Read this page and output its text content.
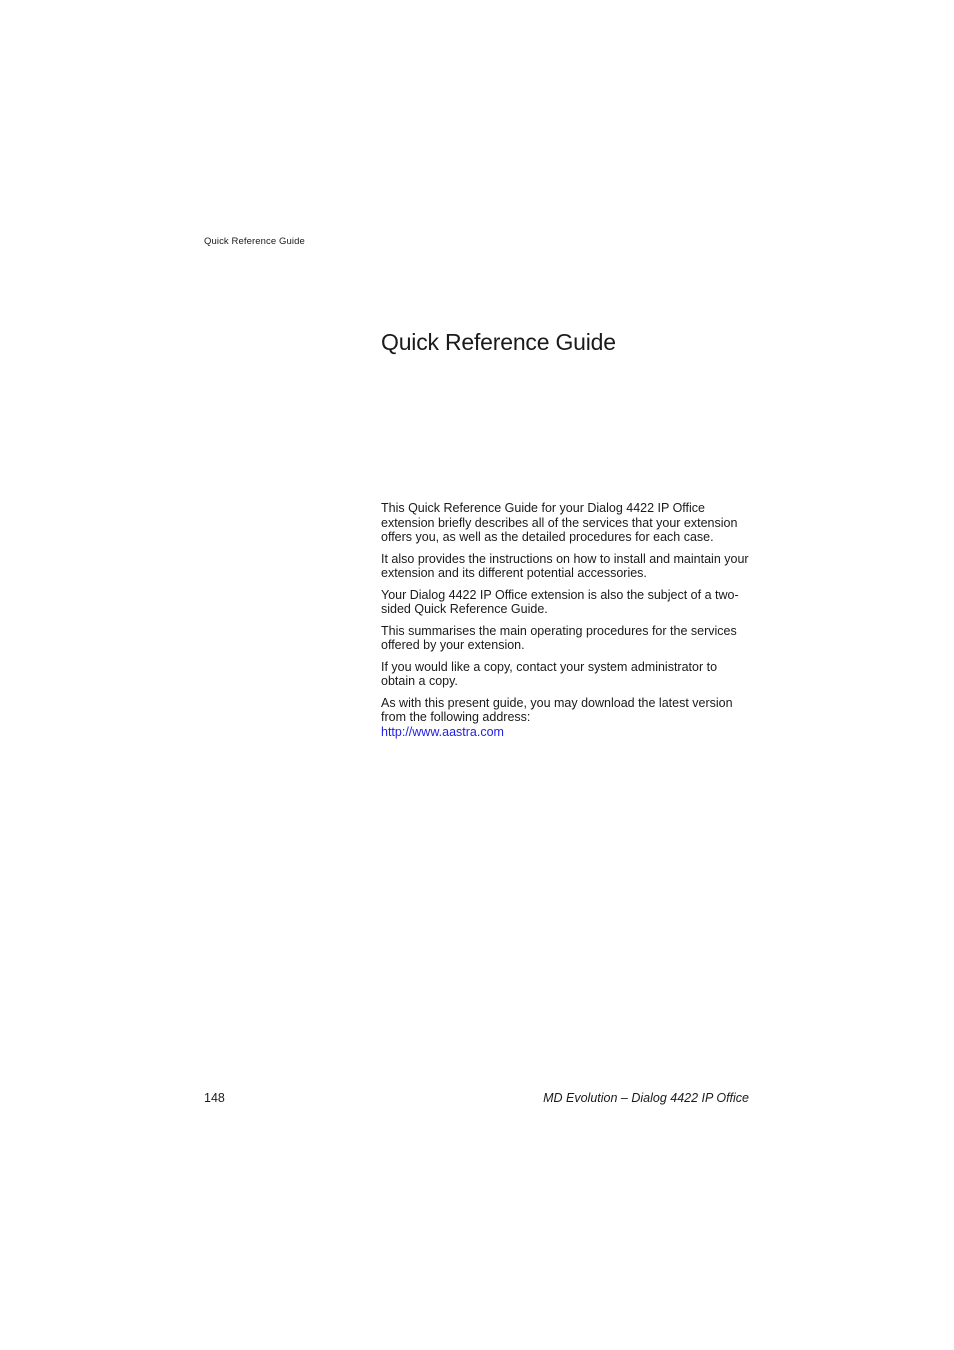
Quick Reference Guide
Quick Reference Guide

This Quick Reference Guide for your Dialog 4422 IP Office extension briefly describes all of the services that your extension offers you, as well as the detailed procedures for each case.

It also provides the instructions on how to install and maintain your extension and its different potential accessories.

Your Dialog 4422 IP Office extension is also the subject of a two-sided Quick Reference Guide.

This summarises the main operating procedures for the services offered by your extension.

If you would like a copy, contact your system administrator to obtain a copy.

As with this present guide, you may download the latest version from the following address:
http://www.aastra.com

148	MD Evolution – Dialog 4422 IP Office
